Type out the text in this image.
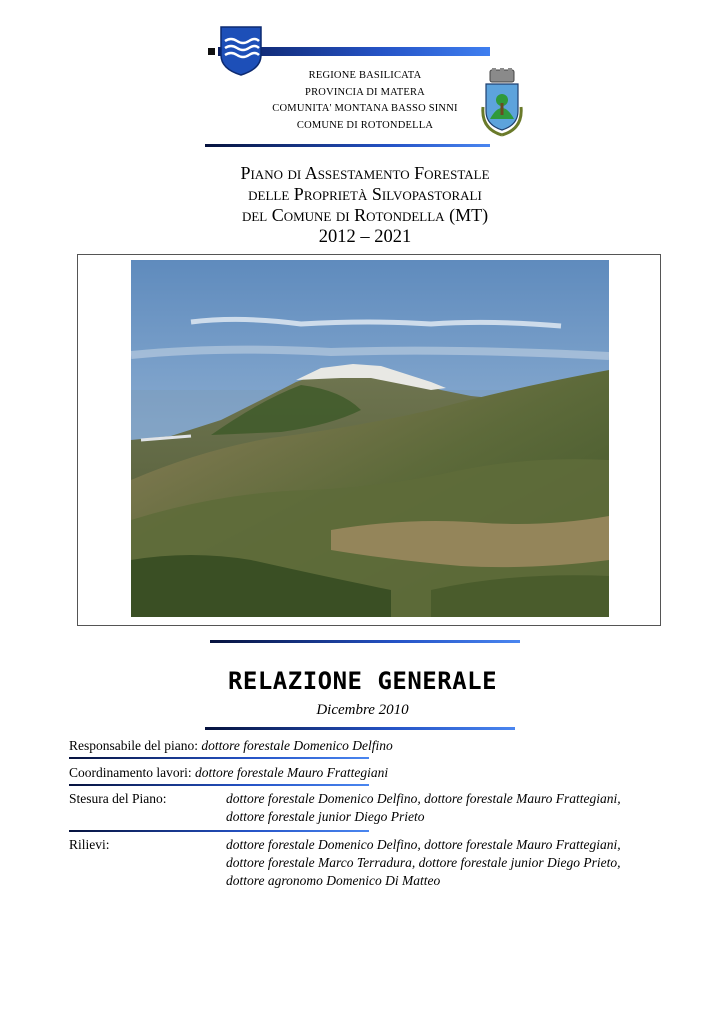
REGIONE BASILICATA
PROVINCIA DI MATERA
COMUNITA' MONTANA BASSO SINNI
COMUNE DI ROTONDELLA
Piano di Assestamento Forestale
delle Proprietà Silvopastorali
del Comune di Rotondella (MT)
2012 – 2021
RELAZIONE GENERALE
Dicembre 2010
Responsabile del piano: dottore forestale Domenico Delfino
Coordinamento lavori: dottore forestale Mauro Frattegiani
Stesura del Piano:	dottore forestale Domenico Delfino, dottore forestale Mauro Frattegiani,
dottore forestale junior Diego Prieto
Rilievi:	dottore forestale Domenico Delfino, dottore forestale Mauro Frattegiani,
dottore forestale Marco Terradura, dottore forestale junior Diego Prieto,
dottore agronomo Domenico Di Matteo
